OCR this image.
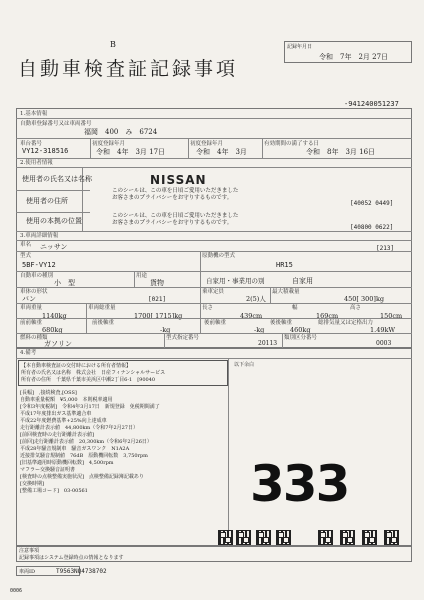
B
自動車検査証記録事項
記録年月日
令和　7年　2月 27日
-941240051237
1.基本情報
自動車登録番号又は車両番号
福岡　400　み　6724
車台番号
VY12-318516
初度登録年月
令和　4年　3月 17日
初度登録年月
令和　4年　3月
有効期間の満了する日
令和　8年　3月 16日
2.使用者情報
使用者の氏名又は名称
使用者の住所
使用の本拠の位置
NISSAN
このシールは、この車を日頃ご愛用いただきました
お客さまのプライバシーをお守りするものです。
このシールは、この車を日頃ご愛用いただきました
お客さまのプライバシーをお守りするものです。
[40052 0449]
[40800 0622]
3.車両詳細情報
車名 ニッサン	[213]
型式
5BF-VY12
原動機の型式
HR15
自動車の種別
小　型
用途
貨物	自家用・事業用の別	自家用
車体の形状
バン	[021]
乗車定員
2(5)人
最大積載量
450[ 300]kg
車両重量
1140kg
車両総重量
1700[ 1715]kg
長さ
439cm
幅
169cm
高さ
150cm
前前軸重
680kg
前後軸重
-kg
後前軸重
-kg
後後軸重
460kg
総排気量又は定格出力
1.49kW
燃料の種類
ガソリン
型式指定番号
20113
類別区分番号
0003
4.備考
【本自動車検査証の交付時における所有者情報】
所有者の氏名又は名称　株式会社　日産フィナンシャルサービス
所有者の住所　千葉県千葉市美浜区中瀬2丁目6-1　[90040
[長幅]　,接続検査,[OSS]
自動車重量税額　¥5,000　本則税率適用
[令和3年度税制]　令和4年3月17日　新規登録　免税期間満了
平成17年度排出ガス基準適合車
平成22年度燃費基準+25%向上達成車
走行距離計表示値　44,800km（令和7年2月27日）
[前回検査時の走行距離計表示値]
[前回]走行距離計表示値　20,300km（令和6年2月26日）
平成28年騒音規制車　騒音ガスワンク　N1A2A
近接排気騒音規制値　76dB　原動機回転数　3,750rpm
[旧基準適用時原動機回転数]　4,500rpm
マフラー交換騒音証明書
[検査時の点検整備実施状況]　点検整備記録簿記載あり
[交換時期]
[整備工場コード]　03-00561
以下余白
333
注意事項
記録事項はシステム登録時点の情報となります
車両ID	T9563NQ4738702
0006
